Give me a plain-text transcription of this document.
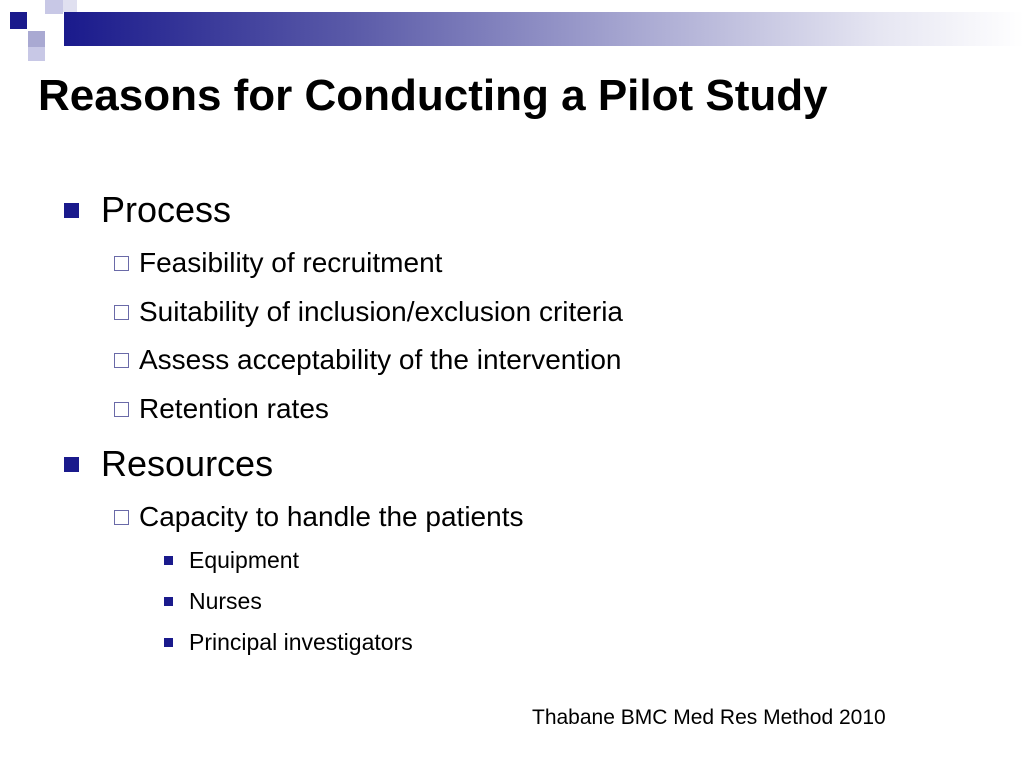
Reasons for Conducting a Pilot Study
Process
Feasibility of recruitment
Suitability of inclusion/exclusion criteria
Assess acceptability of the intervention
Retention rates
Resources
Capacity to handle the patients
Equipment
Nurses
Principal investigators
Thabane BMC Med Res Method 2010
